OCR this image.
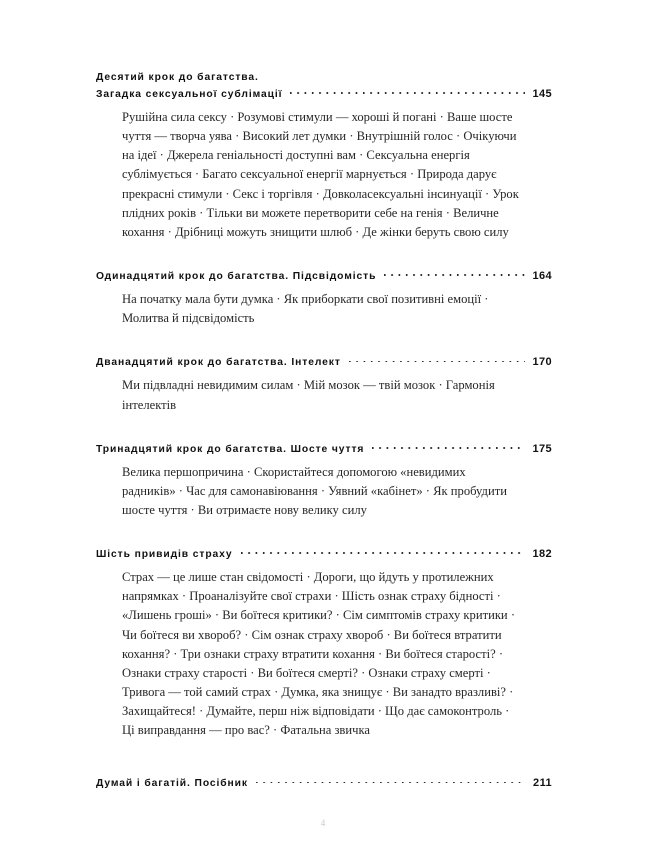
Десятий крок до багатства.
Загадка сексуальної сублімації	145
Рушійна сила сексу · Розумові стимули — хороші й погані · Ваше шосте чуття — творча уява · Високий лет думки · Внутрішній голос · Очікуючи на ідеї · Джерела геніальності доступні вам · Сексуальна енергія сублімується · Багато сексуальної енергії марнується · Природа дарує прекрасні стимули · Секс і торгівля · Довколасексуальні інсинуації · Урок плідних років · Тільки ви можете перетворити себе на генія · Величне кохання · Дрібниці можуть знищити шлюб · Де жінки беруть свою силу
Одинадцятий крок до багатства. Підсвідомість	164
На початку мала бути думка · Як приборкати свої позитивні емоції · Молитва й підсвідомість
Дванадцятий крок до багатства. Інтелект	170
Ми підвладні невидимим силам · Мій мозок — твій мозок · Гармонія інтелектів
Тринадцятий крок до багатства. Шосте чуття	175
Велика першопричина · Скористайтеся допомогою «невидимих радників» · Час для самонавіювання · Уявний «кабінет» · Як пробудити шосте чуття · Ви отримаєте нову велику силу
Шість привидів страху	182
Страх — це лише стан свідомості · Дороги, що йдуть у протилежних напрямках · Проаналізуйте свої страхи · Шість ознак страху бідності · «Лишень гроші» · Ви боїтеся критики? · Сім симптомів страху критики · Чи боїтеся ви хвороб? · Сім ознак страху хвороб · Ви боїтеся втратити кохання? · Три ознаки страху втратити кохання · Ви боїтеся старості? · Ознаки страху старості · Ви боїтеся смерті? · Ознаки страху смерті · Тривога — той самий страх · Думка, яка знищує · Ви занадто вразливі? · Захищайтеся! · Думайте, перш ніж відповідати · Що дає самоконтроль · Ці виправдання — про вас? · Фатальна звичка
Думай і багатій. Посібник	211
4
